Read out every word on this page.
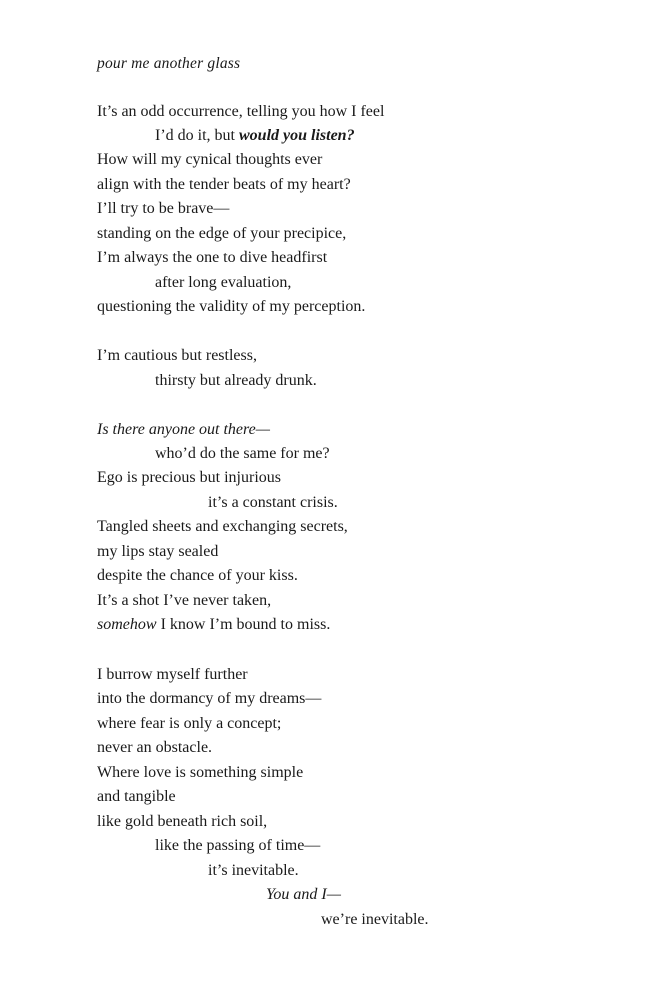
pour me another glass
It’s an odd occurrence, telling you how I feel
I’d do it, but would you listen?
How will my cynical thoughts ever
align with the tender beats of my heart?
I’ll try to be brave—
standing on the edge of your precipice,
I’m always the one to dive headfirst
after long evaluation,
questioning the validity of my perception.
I’m cautious but restless,
thirsty but already drunk.
Is there anyone out there—
who’d do the same for me?
Ego is precious but injurious
it’s a constant crisis.
Tangled sheets and exchanging secrets,
my lips stay sealed
despite the chance of your kiss.
It’s a shot I’ve never taken,
somehow I know I’m bound to miss.
I burrow myself further
into the dormancy of my dreams—
where fear is only a concept;
never an obstacle.
Where love is something simple
and tangible
like gold beneath rich soil,
like the passing of time—
it’s inevitable.
You and I—
we’re inevitable.
